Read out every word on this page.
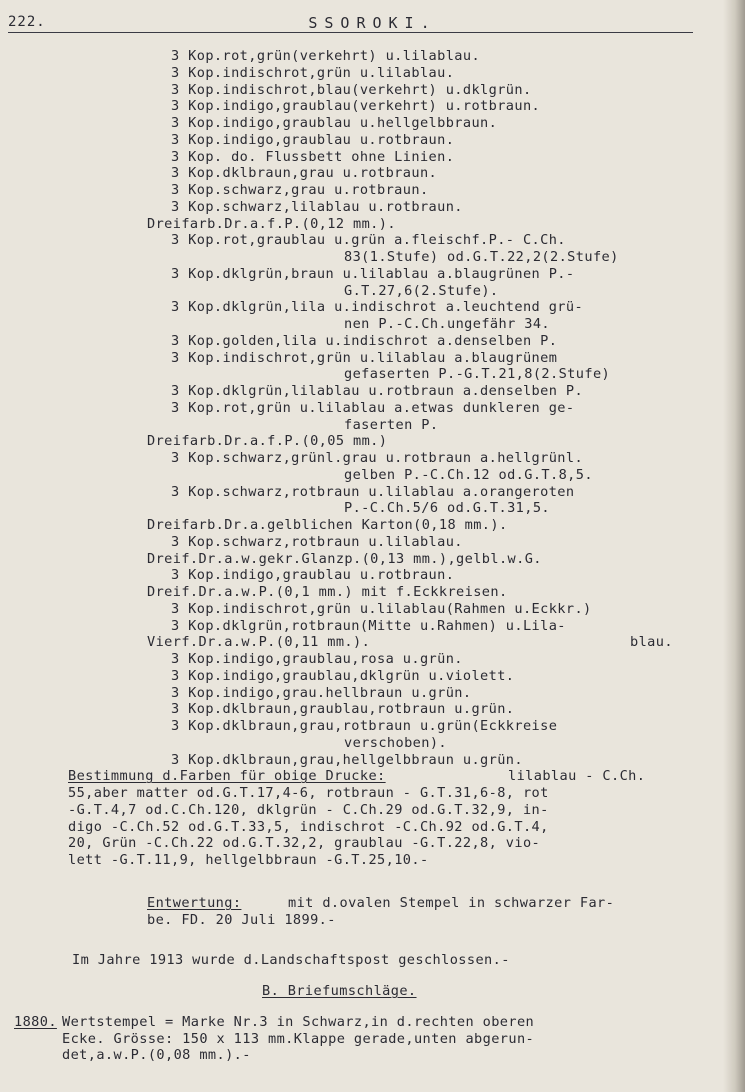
222.	SSOROKI.
3 Kop.rot,grün(verkehrt) u.lilablau.
3 Kop.indischrot,grün u.lilablau.
3 Kop.indischrot,blau(verkehrt) u.dklgrün.
3 Kop.indigo,graublau(verkehrt) u.rotbraun.
3 Kop.indigo,graublau u.hellgelbbraun.
3 Kop.indigo,graublau u.rotbraun.
3 Kop. do. Flussbett ohne Linien.
3 Kop.dklbraun,grau u.rotbraun.
3 Kop.schwarz,grau u.rotbraun.
3 Kop.schwarz,lilablau u.rotbraun.
Dreifarb.Dr.a.f.P.(0,12 mm.).
3 Kop.rot,graublau u.grün a.fleischf.P.- C.Ch.
83(1.Stufe) od.G.T.22,2(2.Stufe)
3 Kop.dklgrün,braun u.lilablau a.blaugrünen P.-
G.T.27,6(2.Stufe).
3 Kop.dklgrün,lila u.indischrot a.leuchtend grü-
nen P.-C.Ch.ungefähr 34.
3 Kop.golden,lila u.indischrot a.denselben P.
3 Kop.indischrot,grün u.lilablau a.blaugrünem
gefaserten P.-G.T.21,8(2.Stufe)
3 Kop.dklgrün,lilablau u.rotbraun a.denselben P.
3 Kop.rot,grün u.lilablau a.etwas dunkleren ge-
faserten P.
Dreifarb.Dr.a.f.P.(0,05 mm.)
3 Kop.schwarz,grünl.grau u.rotbraun a.hellgrünl.
gelben P.-C.Ch.12 od.G.T.8,5.
3 Kop.schwarz,rotbraun u.lilablau a.orangeroten
P.-C.Ch.5/6 od.G.T.31,5.
Dreifarb.Dr.a.gelblichen Karton(0,18 mm.).
3 Kop.schwarz,rotbraun u.lilablau.
Dreif.Dr.a.w.gekr.Glanzp.(0,13 mm.),gelbl.w.G.
3 Kop.indigo,graublau u.rotbraun.
Dreif.Dr.a.w.P.(0,1 mm.) mit f.Eckkreisen.
3 Kop.indischrot,grün u.lilablau(Rahmen u.Eckkr.)
3 Kop.dklgrün,rotbraun(Mitte u.Rahmen) u.Lila-
Vierf.Dr.a.w.P.(0,11 mm.).	blau.
3 Kop.indigo,graublau,rosa u.grün.
3 Kop.indigo,graublau,dklgrün u.violett.
3 Kop.indigo,grau.hellbraun u.grün.
3 Kop.dklbraun,graublau,rotbraun u.grün.
3 Kop.dklbraun,grau,rotbraun u.grün(Eckkreise
verschoben).
3 Kop.dklbraun,grau,hellgelbbraun u.grün.
Bestimmung d.Farben für obige Drucke:	lilablau - C.Ch.
55,aber matter od.G.T.17,4-6, rotbraun - G.T.31,6-8, rot
-G.T.4,7 od.C.Ch.120, dklgrün - C.Ch.29 od.G.T.32,9, in-
digo -C.Ch.52 od.G.T.33,5, indischrot -C.Ch.92 od.G.T.4,
20, Grün -C.Ch.22 od.G.T.32,2, graublau -G.T.22,8, vio-
lett -G.T.11,9, hellgelbbraun -G.T.25,10.-
Entwertung:	mit d.ovalen Stempel in schwarzer Far-
be. FD. 20 Juli 1899.-
Im Jahre 1913 wurde d.Landschaftspost geschlossen.-
B. Briefumschläge.
1880. Wertstempel = Marke Nr.3 in Schwarz,in d.rechten oberen
Ecke. Grösse: 150 x 113 mm.Klappe gerade,unten abgerun-
det,a.w.P.(0,08 mm.).-
